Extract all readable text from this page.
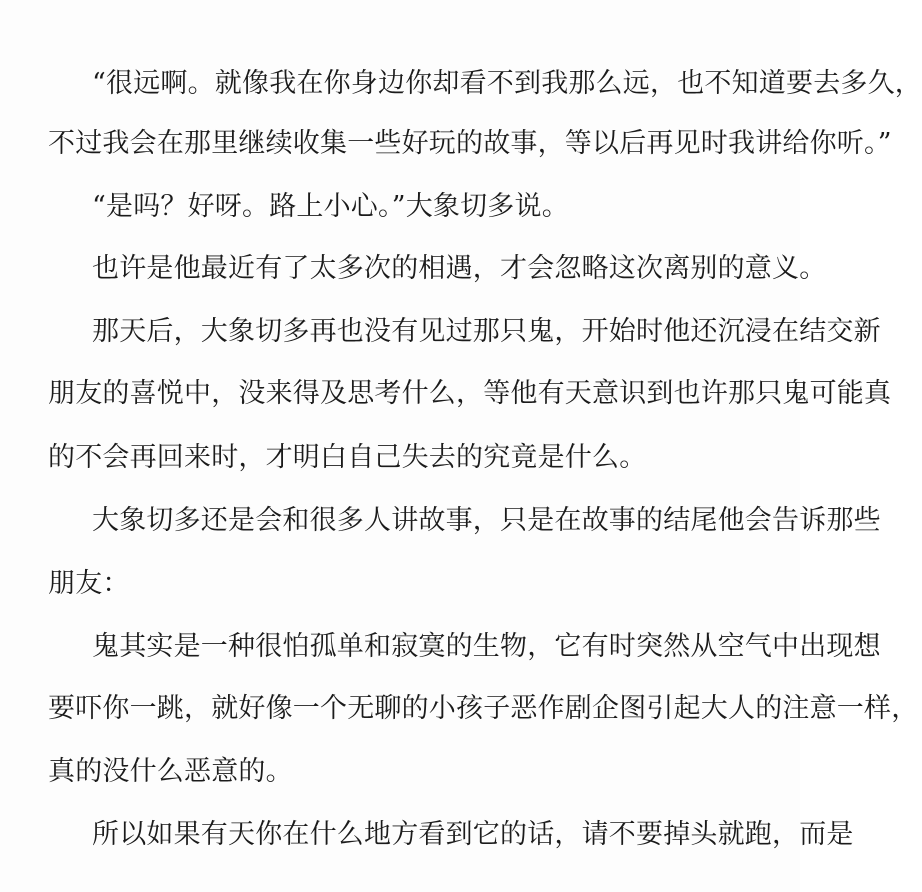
“很远啊。就像我在你身边你却看不到我那么远，也不知道要去多久，
不过我会在那里继续收集一些好玩的故事，等以后再见时我讲给你听。”
“是吗？好呀。路上小心。”大象切多说。
也许是他最近有了太多次的相遇，才会忽略这次离别的意义。
那天后，大象切多再也没有见过那只鬼，开始时他还沉浸在结交新
朋友的喜悦中，没来得及思考什么，等他有天意识到也许那只鬼可能真
的不会再回来时，才明白自己失去的究竟是什么。
大象切多还是会和很多人讲故事，只是在故事的结尾他会告诉那些
朋友：
鬼其实是一种很怕孤单和寂寞的生物，它有时突然从空气中出现想
要吓你一跳，就好像一个无聊的小孩子恶作剧企图引起大人的注意一样，
真的没什么恶意的。
所以如果有天你在什么地方看到它的话，请不要掉头就跑，而是
